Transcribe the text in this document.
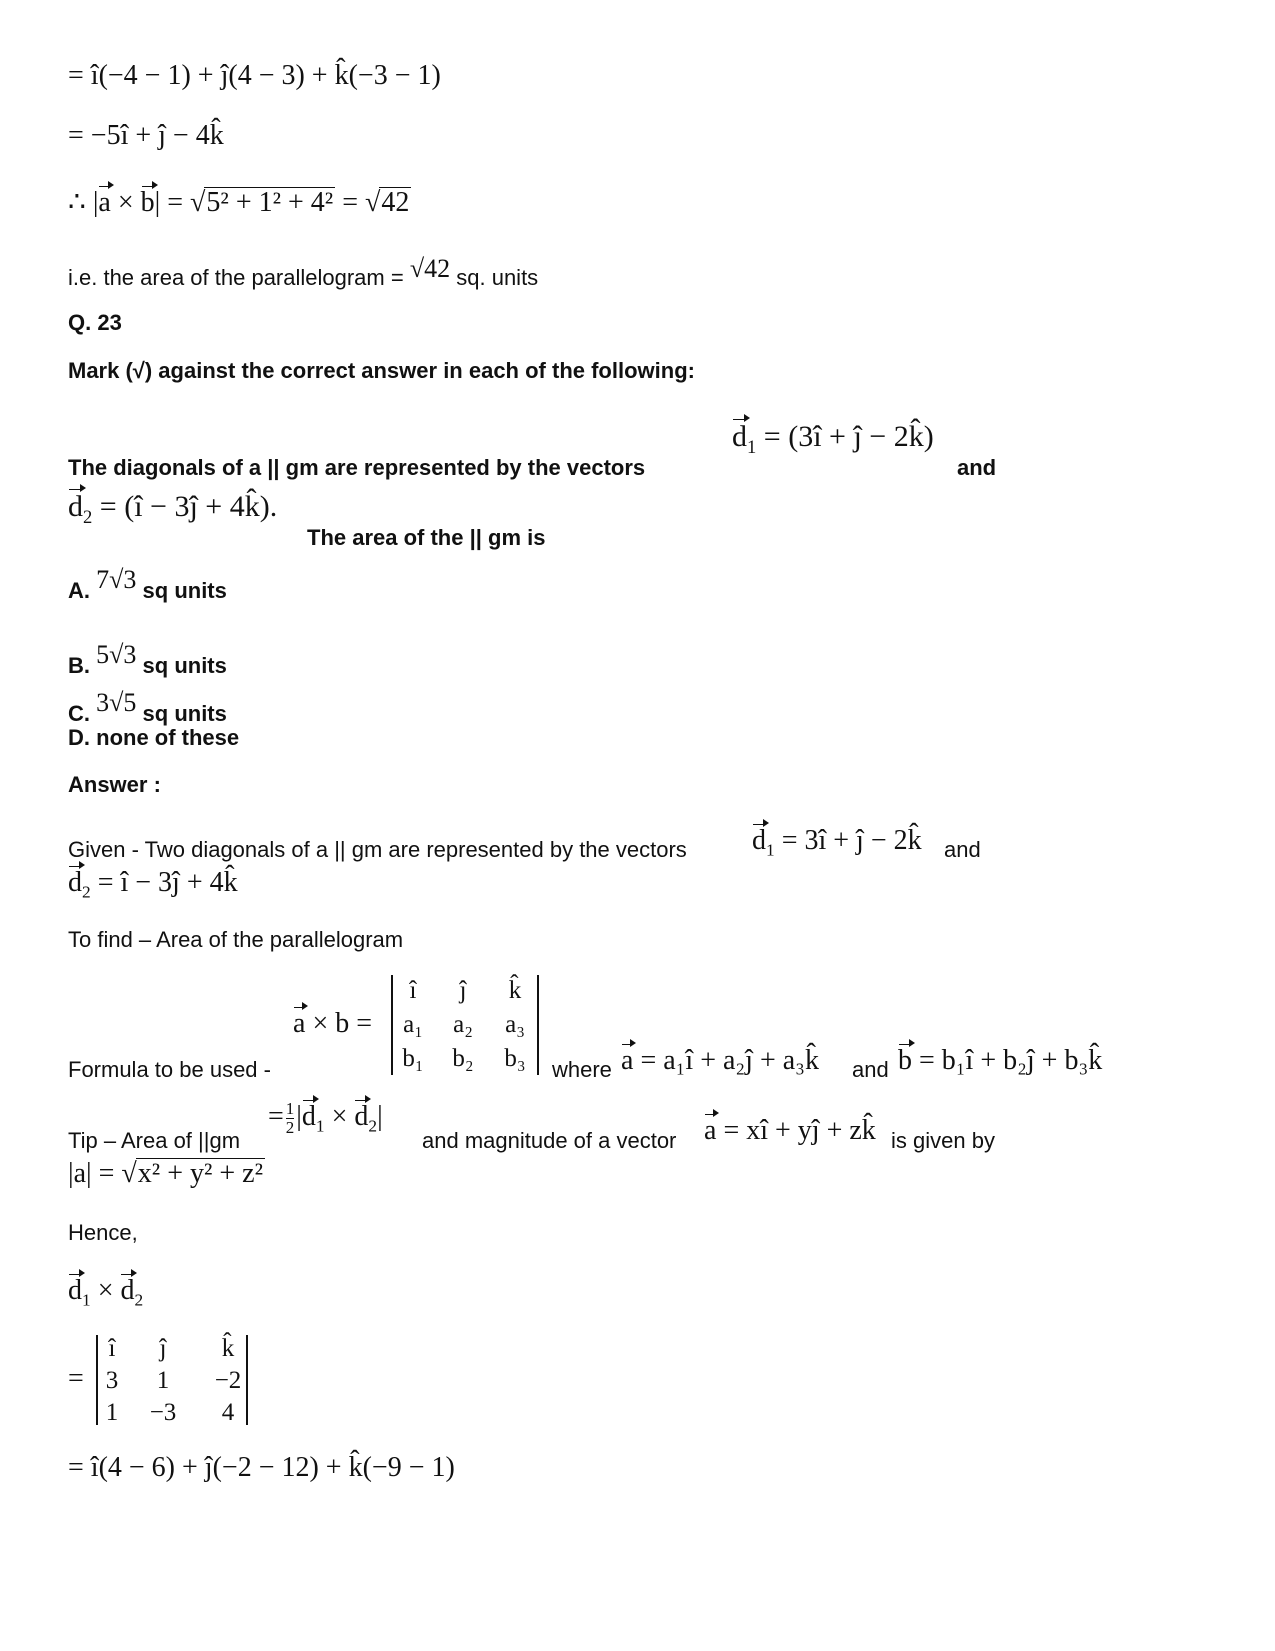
= î(−4 − 1) + ĵ(4 − 3) + k̂(−3 − 1)
= −5î + ĵ − 4k̂
∴ |a × b| = √5² + 1² + 4² = √42
i.e. the area of the parallelogram = √42 sq. units
Q. 23
Mark (√) against the correct answer in each of the following:
The diagonals of a || gm are represented by the vectors
$d_1$ = (3î + ĵ − 2k̂)
and
$d_2$ = (î − 3ĵ + 4k̂).
The area of the || gm is
A. 7√3 sq units
B. 5√3 sq units
C. 3√5 sq units
D. none of these
Answer :
Given - Two diagonals of a || gm are represented by the vectors $d_1$ = 3î + ĵ − 2k̂ and
$d_2$ = î − 3ĵ + 4k̂
To find – Area of the parallelogram
a × b =
î	ĵ	k̂
a₁	a₂	a₃
b₁	b₂	b₃
Formula to be used -	where a = a₁î + a₂ĵ + a₃k̂ and b = b₁î + b₂ĵ + b₃k̂
Tip – Area of ||gm
= $\frac{1}{2} |d_1 \times d_2|$
and magnitude of a vector a = xî + yĵ + zk̂ is given by
|a| = √x² + y² + z²
Hence,
$d_1 \times d_2$
=
î	ĵ	k̂
3	1	−2
1	−3	4
= î(4 − 6) + ĵ(−2 − 12) + k̂(−9 − 1)
